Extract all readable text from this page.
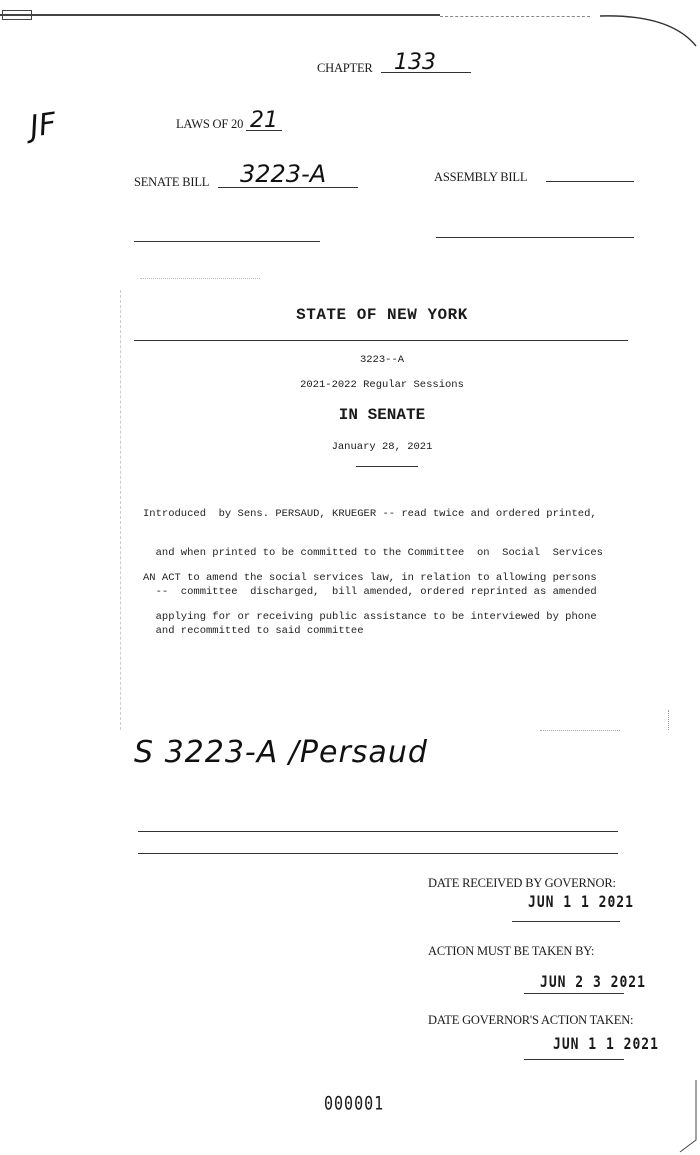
CHAPTER 133
JF	LAWS OF 20 21
SENATE BILL 3223-A	ASSEMBLY BILL
STATE OF NEW YORK
3223--A
2021-2022 Regular Sessions
IN SENATE
January 28, 2021

Introduced  by Sens. PERSAUD, KRUEGER -- read twice and ordered printed,

and when printed to be committed to the Committee  on  Social  Services

--  committee  discharged,  bill amended, ordered reprinted as amended

and recommitted to said committee

AN ACT to amend the social services law, in relation to allowing persons

applying for or receiving public assistance to be interviewed by phone

S 3223-A /Persaud
DATE RECEIVED BY GOVERNOR:
JUN 1 1 2021
ACTION MUST BE TAKEN BY:
JUN 2 3 2021
DATE GOVERNOR'S ACTION TAKEN:
JUN 1 1 2021
000001
